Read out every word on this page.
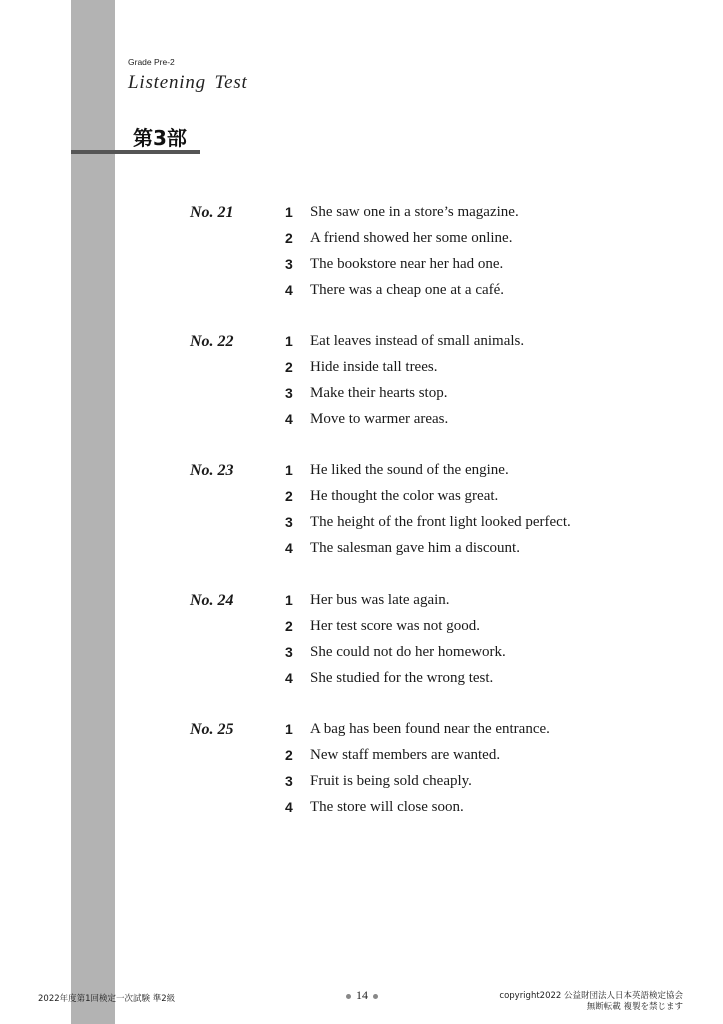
Grade Pre-2
Listening Test
第3部
No. 21	1 She saw one in a store’s magazine.
2 A friend showed her some online.
3 The bookstore near her had one.
4 There was a cheap one at a café.
No. 22	1 Eat leaves instead of small animals.
2 Hide inside tall trees.
3 Make their hearts stop.
4 Move to warmer areas.
No. 23	1 He liked the sound of the engine.
2 He thought the color was great.
3 The height of the front light looked perfect.
4 The salesman gave him a discount.
No. 24	1 Her bus was late again.
2 Her test score was not good.
3 She could not do her homework.
4 She studied for the wrong test.
No. 25	1 A bag has been found near the entrance.
2 New staff members are wanted.
3 Fruit is being sold cheaply.
4 The store will close soon.
2022年度第1回検定一次試験 準2級	14	copyright2022 公益財団法人日本英語検定協会
無断転載 複製を禁じます
